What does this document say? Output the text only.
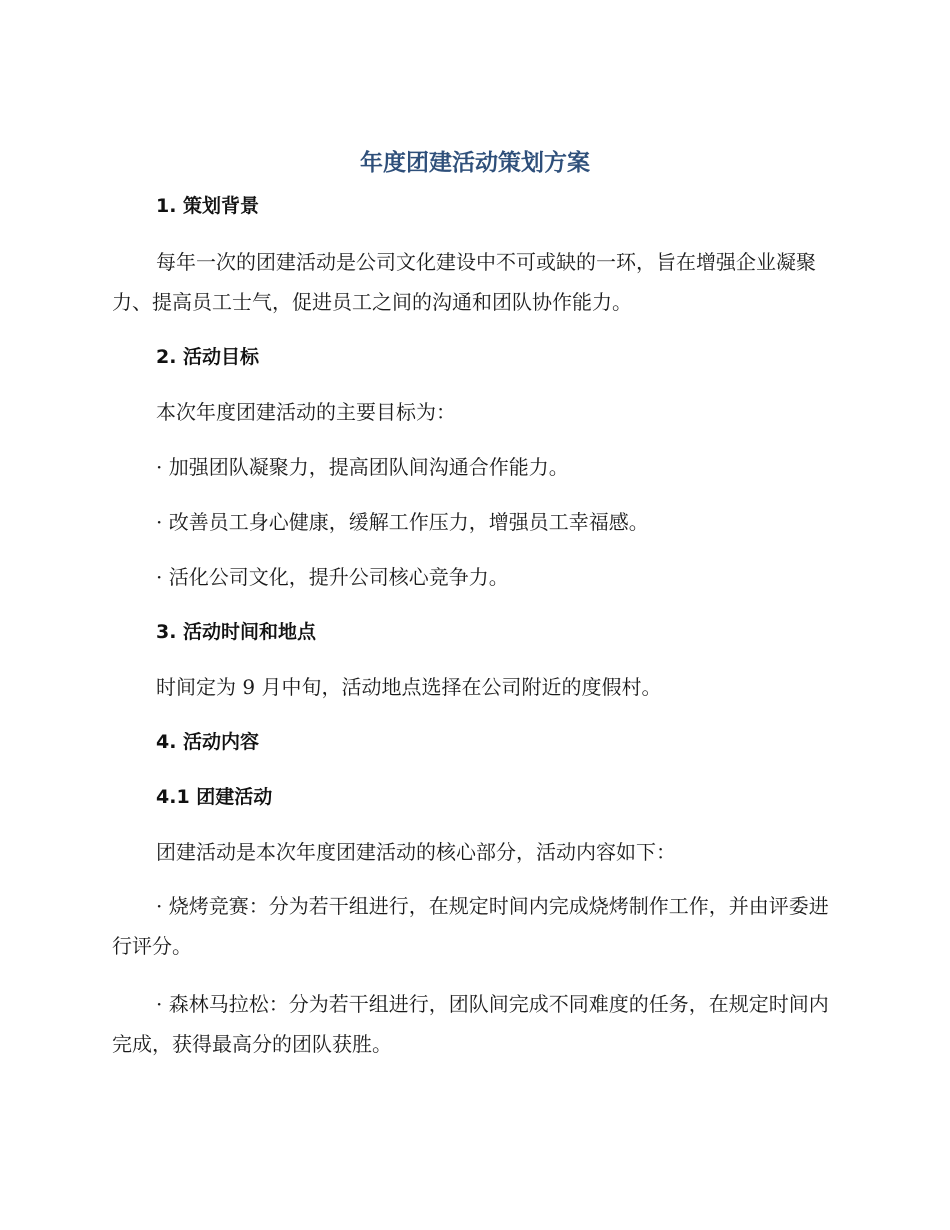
年度团建活动策划方案
1. 策划背景

每年一次的团建活动是公司文化建设中不可或缺的一环，旨在增强企业凝聚力、提高员工士气，促进员工之间的沟通和团队协作能力。

2. 活动目标

本次年度团建活动的主要目标为：

· 加强团队凝聚力，提高团队间沟通合作能力。

· 改善员工身心健康，缓解工作压力，增强员工幸福感。

· 活化公司文化，提升公司核心竞争力。

3. 活动时间和地点

时间定为 9 月中旬，活动地点选择在公司附近的度假村。

4. 活动内容
4.1 团建活动

团建活动是本次年度团建活动的核心部分，活动内容如下：

· 烧烤竞赛：分为若干组进行，在规定时间内完成烧烤制作工作，并由评委进行评分。

· 森林马拉松：分为若干组进行，团队间完成不同难度的任务，在规定时间内完成，获得最高分的团队获胜。
